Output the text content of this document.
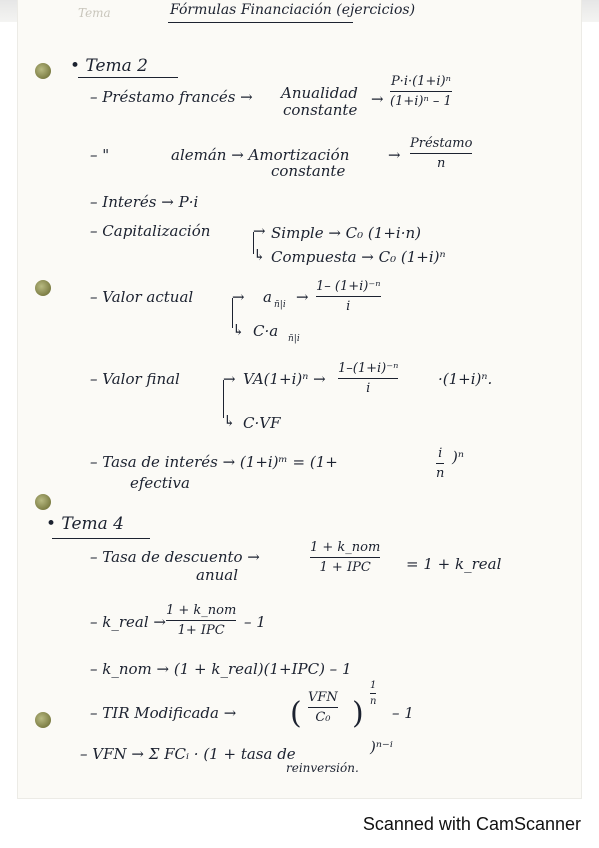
Tema	Fórmulas Financiación (ejercicios)
• Tema 2
– Préstamo francés → Anualidad
constante
→
P·i·(1+i)ⁿ
(1+i)ⁿ – 1
– "	alemán → Amortización
constante
→
Préstamo
n
– Interés → P·i
– Capitalización	→
↳
Simple → C₀ (1+i·n)
Compuesta → C₀ (1+i)ⁿ
– Valor actual	→
↳
a n̄|i →
1– (1+i)⁻ⁿ
i
C·a n̄|i
– Valor final	→
↳
VA(1+i)ⁿ →
1–(1+i)⁻ⁿ
i
·(1+i)ⁿ.
C·VF
– Tasa de interés → (1+i)ᵐ = (1+	i
n
)ⁿ
efectiva
• Tema 4
– Tasa de descuento →
anual
1 + k_nom
1 + IPC = 1 + k_real
– k_real →
1 + k_nom
1+ IPC – 1
– k_nom → (1 + k_real)(1+IPC) – 1
– TIR Modificada → ( VFN
C₀ )
1
n
– 1
– VFN → Σ FCᵢ · (1 + tasa de
reinversión.
)ⁿ⁻ⁱ
Scanned with CamScanner
